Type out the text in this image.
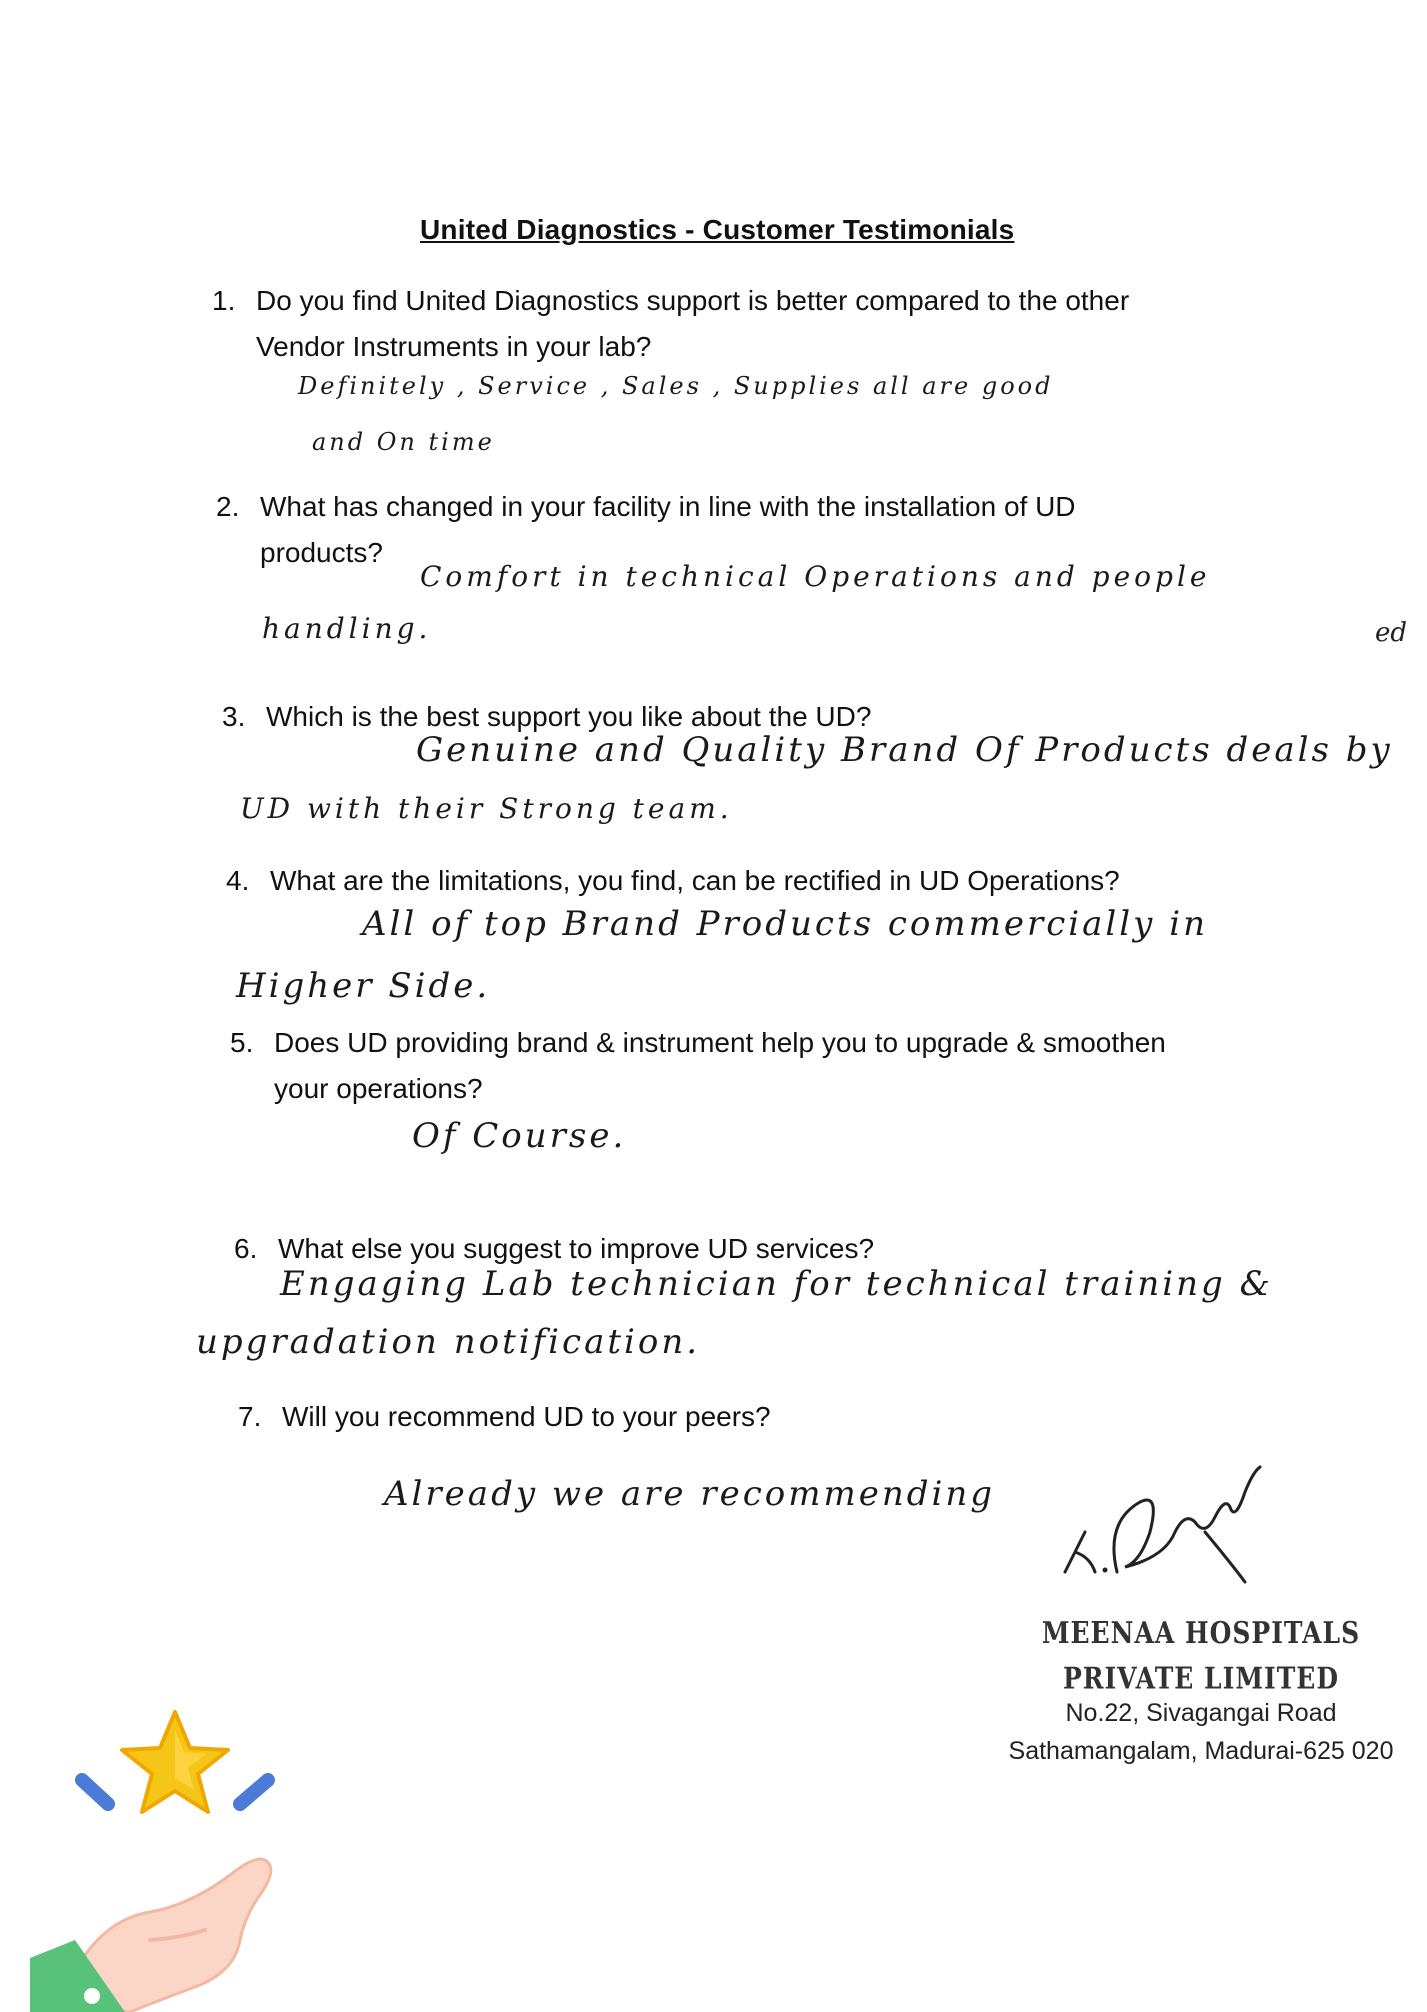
United Diagnostics - Customer Testimonials
1. Do you find United Diagnostics support is better compared to the other
Vendor Instruments in your lab?
Definitely , Service , Sales , Supplies all are good
and On time
2. What has changed in your facility in line with the installation of UD
products?
Comfort in technical Operations and people
handling.	ed
3. Which is the best support you like about the UD?
Genuine and Quality Brand Of Products deals by
UD with their Strong team.
4. What are the limitations, you find, can be rectified in UD Operations?
All of top Brand Products commercially in
Higher Side.
5. Does UD providing brand & instrument help you to upgrade & smoothen
your operations?
Of Course.
6. What else you suggest to improve UD services?
Engaging Lab technician for technical training &
upgradation notification.
7. Will you recommend UD to your peers?
Already we are recommending
MEENAA HOSPITALS PRIVATE LIMITED
No.22, Sivagangai Road
Sathamangalam, Madurai-625 020
